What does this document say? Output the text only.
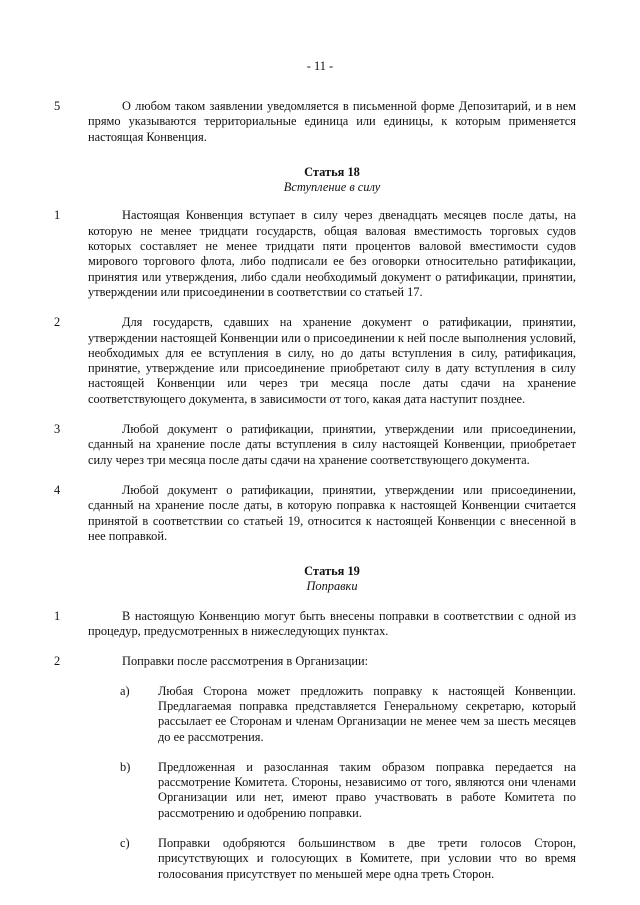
- 11 -

5	О любом таком заявлении уведомляется в письменной форме Депозитарий, и в нем прямо указываются территориальные единица или единицы, к которым применяется настоящая Конвенция.

Статья 18
Вступление в силу

1	Настоящая Конвенция вступает в силу через двенадцать месяцев после даты, на которую не менее тридцати государств, общая валовая вместимость торговых судов которых составляет не менее тридцати пяти процентов валовой вместимости судов мирового торгового флота, либо подписали ее без оговорки относительно ратификации, принятия или утверждения, либо сдали необходимый документ о ратификации, принятии, утверждении или присоединении в соответствии со статьей 17.

2	Для государств, сдавших на хранение документ о ратификации, принятии, утверждении настоящей Конвенции или о присоединении к ней после выполнения условий, необходимых для ее вступления в силу, но до даты вступления в силу, ратификация, принятие, утверждение или присоединение приобретают силу в дату вступления в силу настоящей Конвенции или через три месяца после даты сдачи на хранение соответствующего документа, в зависимости от того, какая дата наступит позднее.

3	Любой документ о ратификации, принятии, утверждении или присоединении, сданный на хранение после даты вступления в силу настоящей Конвенции, приобретает силу через три месяца после даты сдачи на хранение соответствующего документа.

4	Любой документ о ратификации, принятии, утверждении или присоединении, сданный на хранение после даты, в которую поправка к настоящей Конвенции считается принятой в соответствии со статьей 19, относится к настоящей Конвенции с внесенной в нее поправкой.

Статья 19
Поправки

1	В настоящую Конвенцию могут быть внесены поправки в соответствии с одной из процедур, предусмотренных в нижеследующих пунктах.

2	Поправки после рассмотрения в Организации:

a) Любая Сторона может предложить поправку к настоящей Конвенции. Предлагаемая поправка представляется Генеральному секретарю, который рассылает ее Сторонам и членам Организации не менее чем за шесть месяцев до ее рассмотрения.
b) Предложенная и разосланная таким образом поправка передается на рассмотрение Комитета. Стороны, независимо от того, являются они членами Организации или нет, имеют право участвовать в работе Комитета по рассмотрению и одобрению поправки.
c) Поправки одобряются большинством в две трети голосов Сторон, присутствующих и голосующих в Комитете, при условии что во время голосования присутствует по меньшей мере одна треть Сторон.
